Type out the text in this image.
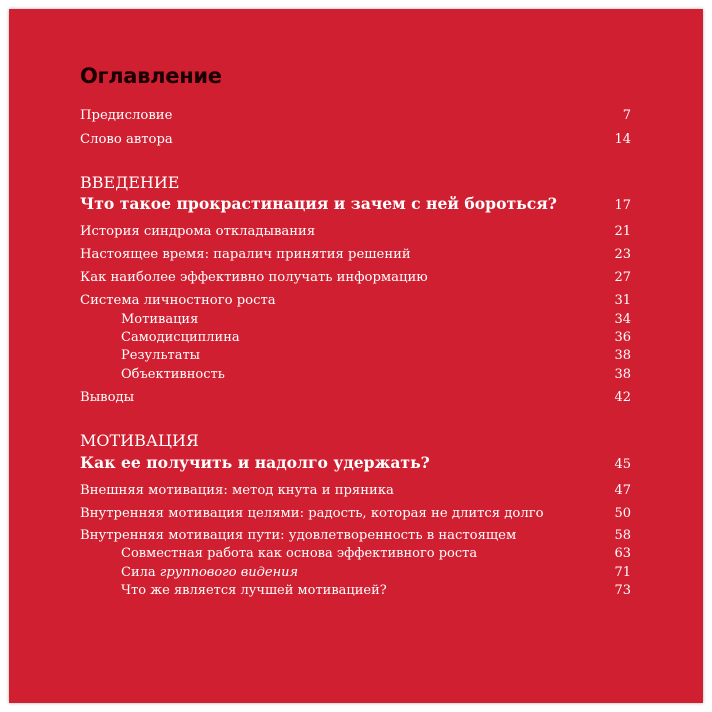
Оглавление
Предисловие	7
Слово автора	14
ВВЕДЕНИЕ
Что такое прокрастинация и зачем с ней бороться?	17
История синдрома откладывания	21
Настоящее время: паралич принятия решений	23
Как наиболее эффективно получать информацию	27
Система личностного роста	31
Мотивация	34
Самодисциплина	36
Результаты	38
Объективность	38
Выводы	42
МОТИВАЦИЯ
Как ее получить и надолго удержать?	45
Внешняя мотивация: метод кнута и пряника	47
Внутренняя мотивация целями: радость, которая не длится долго	50
Внутренняя мотивация пути: удовлетворенность в настоящем	58
Совместная работа как основа эффективного роста	63
Сила группового видения	71
Что же является лучшей мотивацией?	73
